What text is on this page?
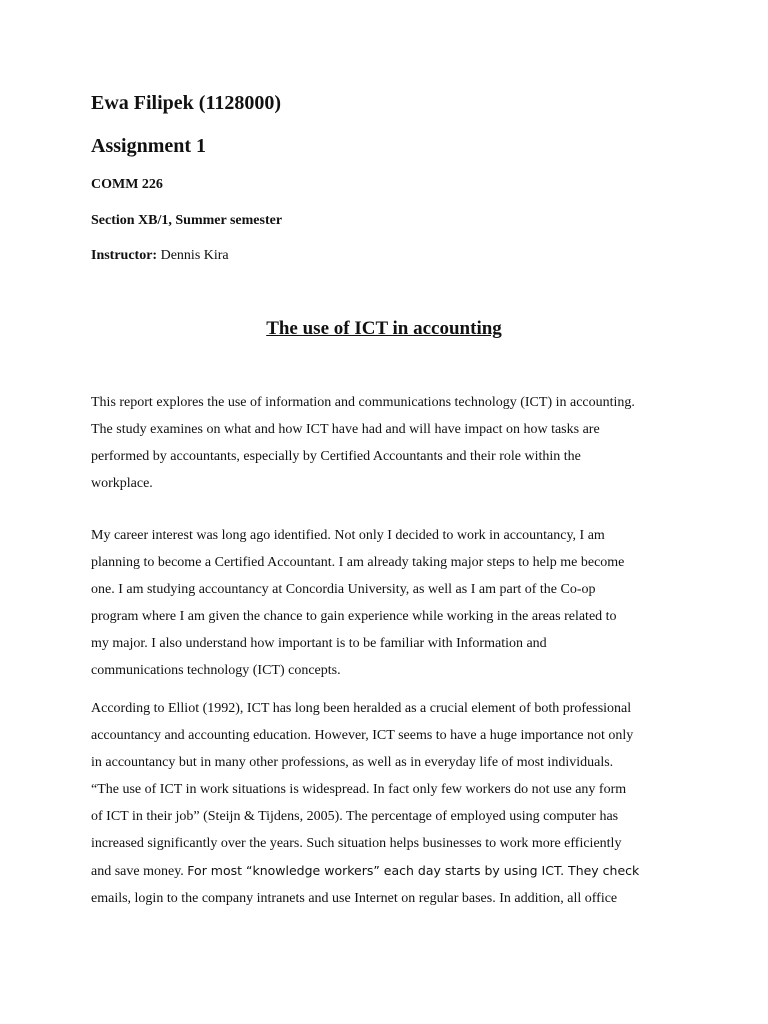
Ewa Filipek (1128000)
Assignment 1

COMM 226

Section XB/1, Summer semester

Instructor: Dennis Kira

The use of ICT in accounting
This report explores the use of information and communications technology (ICT) in accounting.
The study examines on what and how ICT have had and will have impact on how tasks are
performed by accountants, especially by Certified Accountants and their role within the
workplace.
My career interest was long ago identified. Not only I decided to work in accountancy, I am
planning to become a Certified Accountant. I am already taking major steps to help me become
one. I am studying accountancy at Concordia University, as well as I am part of the Co-op
program where I am given the chance to gain experience while working in the areas related to
my major. I also understand how important is to be familiar with Information and
communications technology (ICT) concepts.
According to Elliot (1992), ICT has long been heralded as a crucial element of both professional
accountancy and accounting education. However, ICT seems to have a huge importance not only
in accountancy but in many other professions, as well as in everyday life of most individuals.
“The use of ICT in work situations is widespread. In fact only few workers do not use any form
of ICT in their job” (Steijn & Tijdens, 2005). The percentage of employed using computer has
increased significantly over the years. Such situation helps businesses to work more efficiently
and save money. For most “knowledge workers” each day starts by using ICT. They check
emails, login to the company intranets and use Internet on regular bases. In addition, all office
